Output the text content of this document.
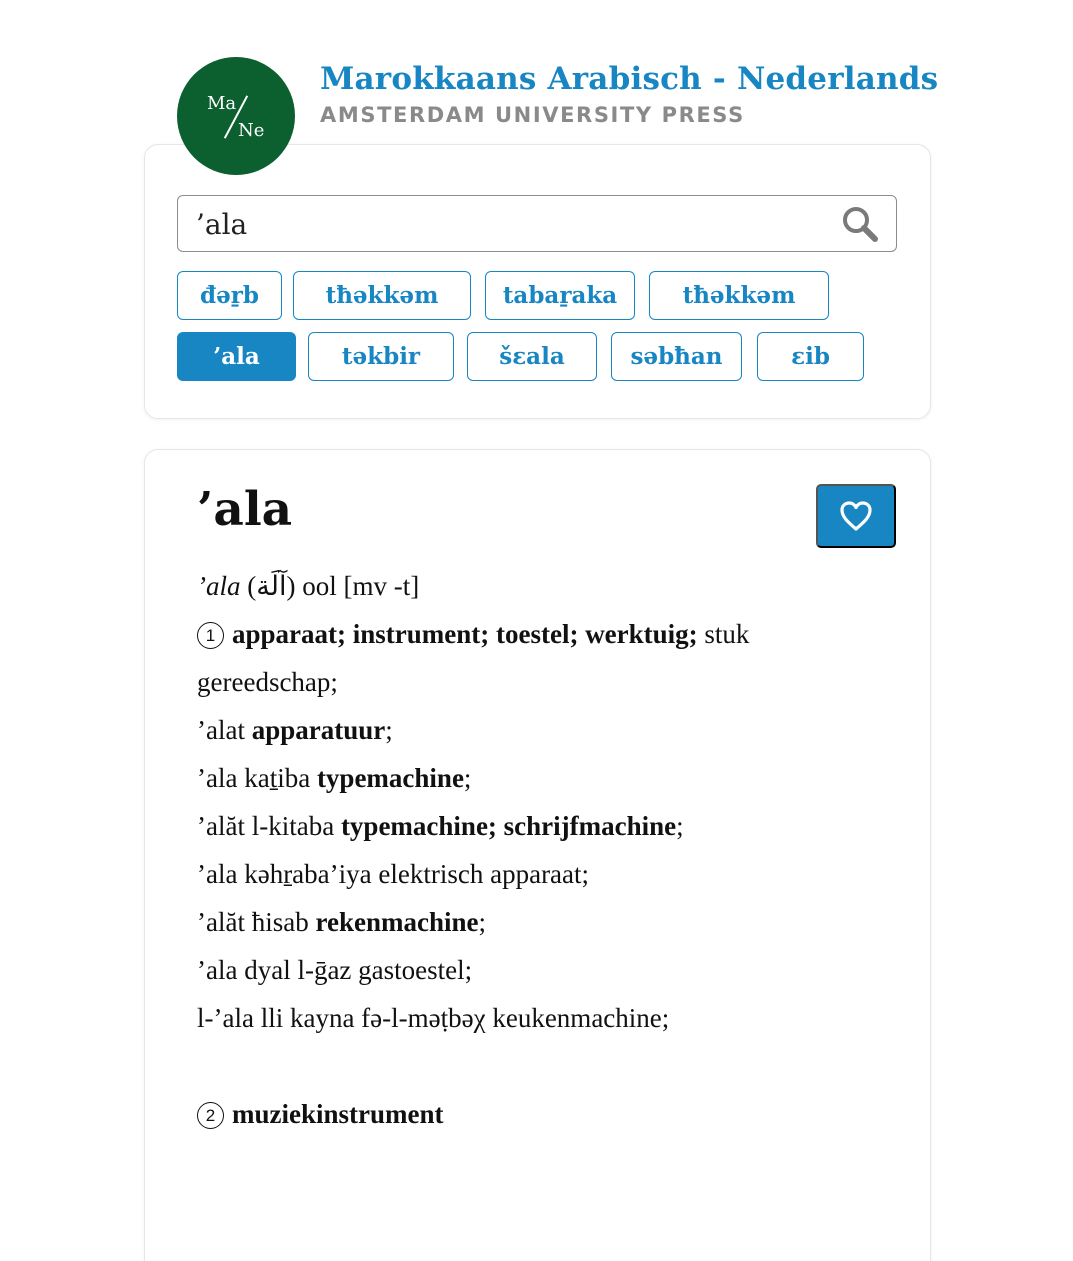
Ma
Ne
Marokkaans Arabisch - Nederlands
AMSTERDAM UNIVERSITY PRESS
’ala
đəṟb	tħəkkəm	tabaṟaka	tħəkkəm
’ala	təkbir	šɛala	səbħan	ɛib
’ala
’ala (آلَة) ool [mv -t]
1 apparaat; instrument; toestel; werktuig; stuk gereedschap;
’alat apparatuur;
’ala kaṯiba typemachine;
’alăt l-kitaba typemachine; schrijfmachine;
’ala kəhṟaba’iya elektrisch apparaat;
’alăt ħisab rekenmachine;
’ala dyal l-ḡaz gastoestel;
l-’ala lli kayna fə-l-məṭbəχ keukenmachine;
2 muziekinstrument
